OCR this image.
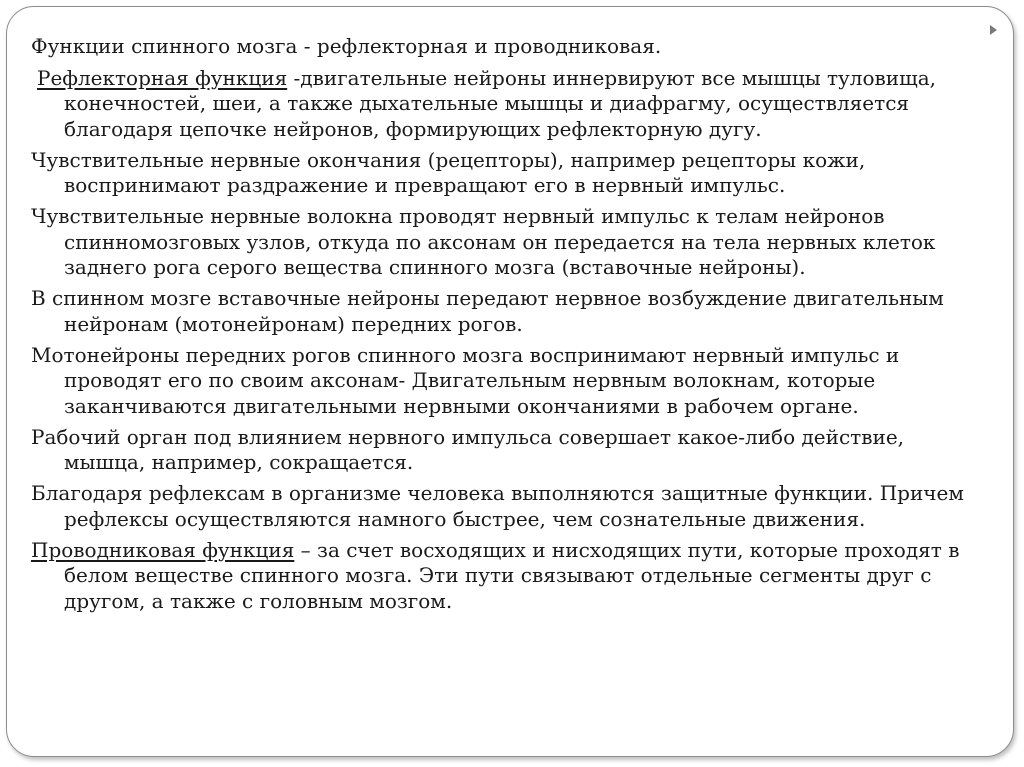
Функции спинного мозга - рефлекторная и проводниковая.

Рефлекторная функция -двигательные нейроны иннервируют все мышцы туловища, конечностей, шеи, а также дыхательные мышцы и диафрагму, осуществляется благодаря цепочке нейронов, формирующих рефлекторную дугу.

Чувствительные нервные окончания (рецепторы), например рецепторы кожи, воспринимают раздражение и превращают его в нервный импульс.

Чувствительные нервные волокна проводят нервный импульс к телам нейронов спинномозговых узлов, откуда по аксонам он передается на тела нервных клеток заднего рога серого вещества спинного мозга (вставочные нейроны).

В спинном мозге вставочные нейроны передают нервное возбуждение двигательным нейронам (мотонейронам) передних рогов.

Мотонейроны передних рогов спинного мозга воспринимают нервный импульс и проводят его по своим аксонам- Двигательным нервным волокнам, которые заканчиваются двигательными нервными окончаниями в рабочем органе.

Рабочий орган под влиянием нервного импульса совершает какое-либо действие, мышца, например, сокращается.

Благодаря рефлексам в организме человека выполняются защитные функции. Причем рефлексы осуществляются намного быстрее, чем сознательные движения.

Проводниковая функция – за счет восходящих и нисходящих пути, которые проходят в белом веществе спинного мозга. Эти пути связывают отдельные сегменты друг с другом, а также с головным мозгом.
